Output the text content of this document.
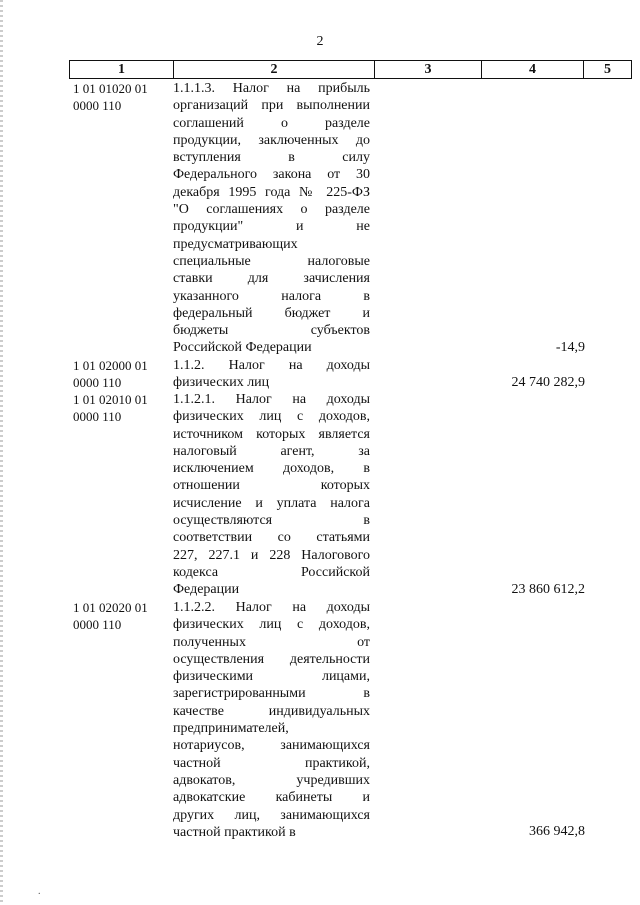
2
1	2	3	4	5
1 01 01020 01
0000 110
1.1.1.3. Налог на прибыль
организаций при выполнении
соглашений о разделе
продукции, заключенных до
вступления в силу
Федерального закона от 30
декабря 1995 года № 225-ФЗ
"О соглашениях о разделе
продукции" и не
предусматривающих
специальные налоговые
ставки для зачисления
указанного налога в
федеральный бюджет и
бюджеты субъектов
Российской Федерации	-14,9
1 01 02000 01
0000 110
1.1.2. Налог на доходы
физических лиц	24 740 282,9
1 01 02010 01
0000 110
1.1.2.1. Налог на доходы
физических лиц с доходов,
источником которых является
налоговый агент, за
исключением доходов, в
отношении которых
исчисление и уплата налога
осуществляются в
соответствии со статьями
227, 227.1 и 228 Налогового
кодекса Российской
Федерации	23 860 612,2
1 01 02020 01
0000 110
1.1.2.2. Налог на доходы
физических лиц с доходов,
полученных от
осуществления деятельности
физическими лицами,
зарегистрированными в
качестве индивидуальных
предпринимателей,
нотариусов, занимающихся
частной практикой,
адвокатов, учредивших
адвокатские кабинеты и
других лиц, занимающихся
частной практикой в	366 942,8
.
